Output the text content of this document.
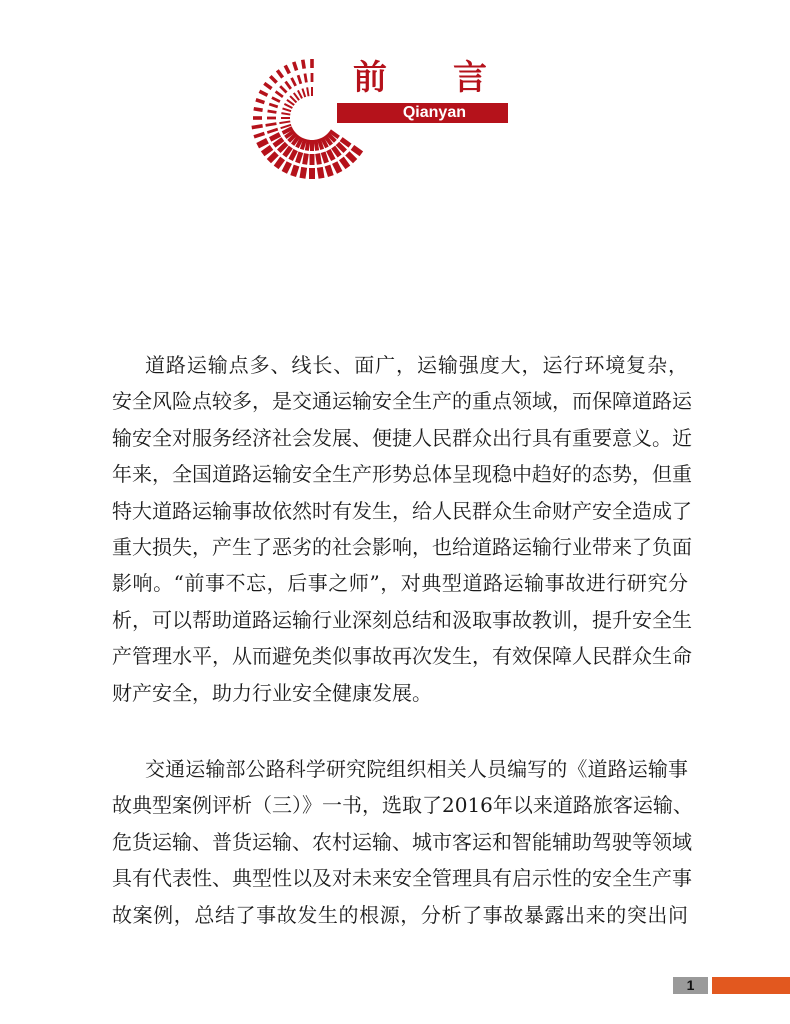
前 言
Qianyan
道路运输点多、线长、面广，运输强度大，运行环境复杂，
安全风险点较多，是交通运输安全生产的重点领域，而保障道路运
输安全对服务经济社会发展、便捷人民群众出行具有重要意义。近
年来，全国道路运输安全生产形势总体呈现稳中趋好的态势，但重
特大道路运输事故依然时有发生，给人民群众生命财产安全造成了
重大损失，产生了恶劣的社会影响，也给道路运输行业带来了负面
影响。“前事不忘，后事之师”，对典型道路运输事故进行研究分
析，可以帮助道路运输行业深刻总结和汲取事故教训，提升安全生
产管理水平，从而避免类似事故再次发生，有效保障人民群众生命
财产安全，助力行业安全健康发展。
交通运输部公路科学研究院组织相关人员编写的《道路运输事
故典型案例评析（三）》一书，选取了2016年以来道路旅客运输、
危货运输、普货运输、农村运输、城市客运和智能辅助驾驶等领域
具有代表性、典型性以及对未来安全管理具有启示性的安全生产事
故案例，总结了事故发生的根源，分析了事故暴露出来的突出问
1
